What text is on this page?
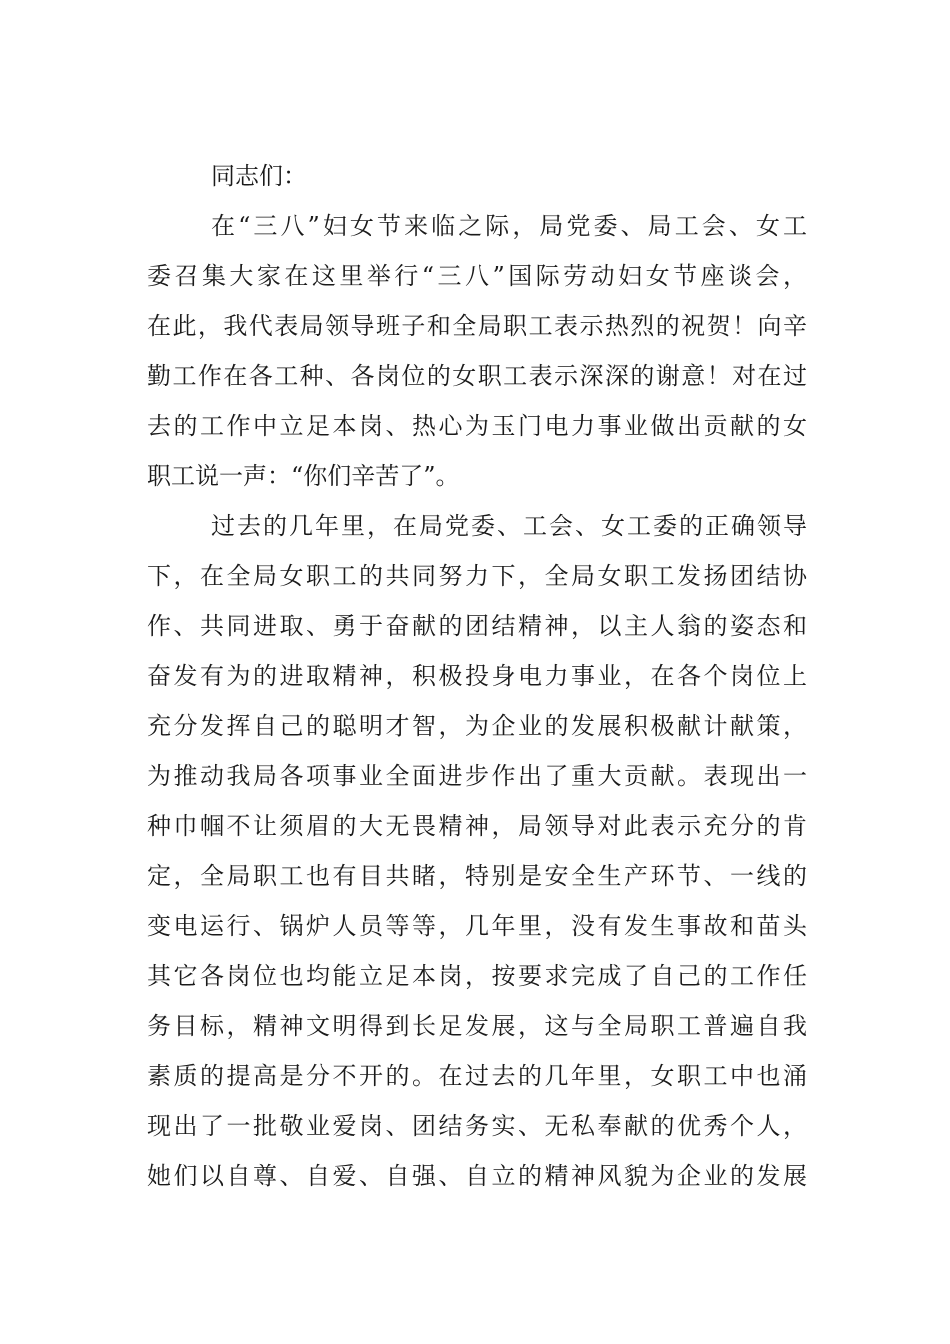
同志们：
在“三八”妇女节来临之际，局党委、局工会、女工
委召集大家在这里举行“三八”国际劳动妇女节座谈会，
在此，我代表局领导班子和全局职工表示热烈的祝贺！向辛
勤工作在各工种、各岗位的女职工表示深深的谢意！对在过
去的工作中立足本岗、热心为玉门电力事业做出贡献的女
职工说一声：“你们辛苦了”。
过去的几年里，在局党委、工会、女工委的正确领导
下，在全局女职工的共同努力下，全局女职工发扬团结协
作、共同进取、勇于奋献的团结精神，以主人翁的姿态和
奋发有为的进取精神，积极投身电力事业，在各个岗位上
充分发挥自己的聪明才智，为企业的发展积极献计献策，
为推动我局各项事业全面进步作出了重大贡献。表现出一
种巾帼不让须眉的大无畏精神，局领导对此表示充分的肯
定，全局职工也有目共睹，特别是安全生产环节、一线的
变电运行、锅炉人员等等，几年里，没有发生事故和苗头
其它各岗位也均能立足本岗，按要求完成了自己的工作任
务目标，精神文明得到长足发展，这与全局职工普遍自我
素质的提高是分不开的。在过去的几年里，女职工中也涌
现出了一批敬业爱岗、团结务实、无私奉献的优秀个人，
她们以自尊、自爱、自强、自立的精神风貌为企业的发展
